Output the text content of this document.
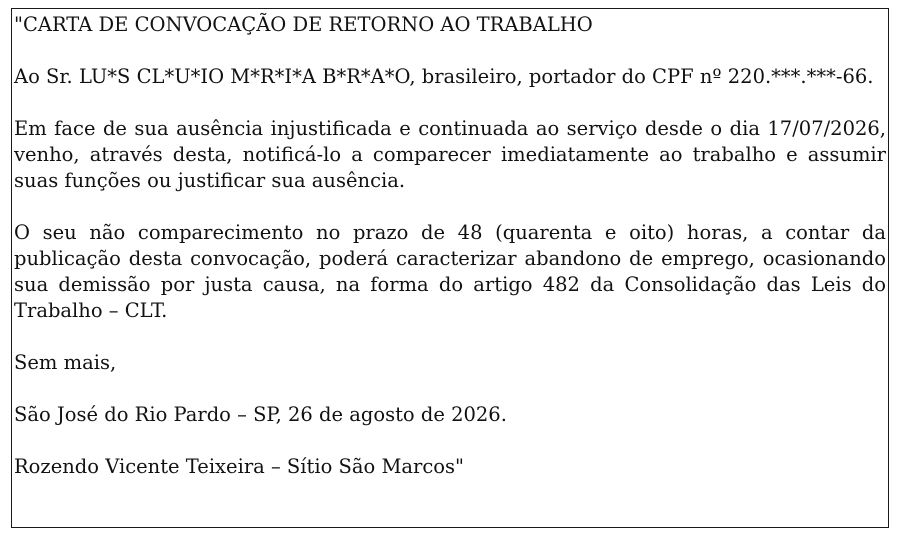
"CARTA DE CONVOCAÇÃO DE RETORNO AO TRABALHO

Ao Sr. LU*S CL*U*IO M*R*I*A B*R*A*O, brasileiro, portador do CPF nº 220.***.***-66.

Em face de sua ausência injustificada e continuada ao serviço desde o dia 17/07/2026, venho, através desta, notificá-lo a comparecer imediatamente ao trabalho e assumir suas funções ou justificar sua ausência.

O seu não comparecimento no prazo de 48 (quarenta e oito) horas, a contar da publicação desta convocação, poderá caracterizar abandono de emprego, ocasionando sua demissão por justa causa, na forma do artigo 482 da Consolidação das Leis do Trabalho – CLT.

Sem mais,

São José do Rio Pardo – SP, 26 de agosto de 2026.

Rozendo Vicente Teixeira – Sítio São Marcos"
